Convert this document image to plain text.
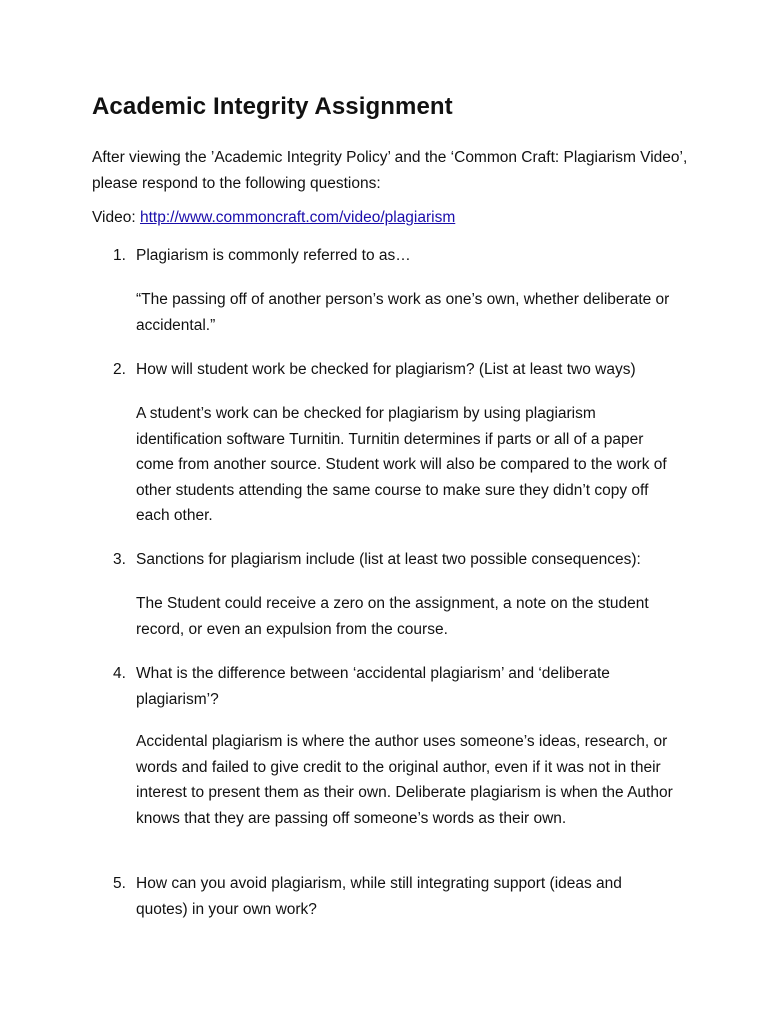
Academic Integrity Assignment
After viewing the ’Academic Integrity Policy’ and the ‘Common Craft: Plagiarism Video’, please respond to the following questions:
Video: http://www.commoncraft.com/video/plagiarism
1. Plagiarism is commonly referred to as…
“The passing off of another person’s work as one’s own, whether deliberate or accidental.”
2. How will student work be checked for plagiarism? (List at least two ways)
A student’s work can be checked for plagiarism by using plagiarism identification software Turnitin. Turnitin determines if parts or all of a paper come from another source. Student work will also be compared to the work of other students attending the same course to make sure they didn’t copy off each other.
3. Sanctions for plagiarism include (list at least two possible consequences):
The Student could receive a zero on the assignment, a note on the student record, or even an expulsion from the course.
4. What is the difference between ‘accidental plagiarism’ and ‘deliberate plagiarism’?
Accidental plagiarism is where the author uses someone’s ideas, research, or words and failed to give credit to the original author, even if it was not in their interest to present them as their own. Deliberate plagiarism is when the Author knows that they are passing off someone’s words as their own.
5. How can you avoid plagiarism, while still integrating support (ideas and quotes) in your own work?
